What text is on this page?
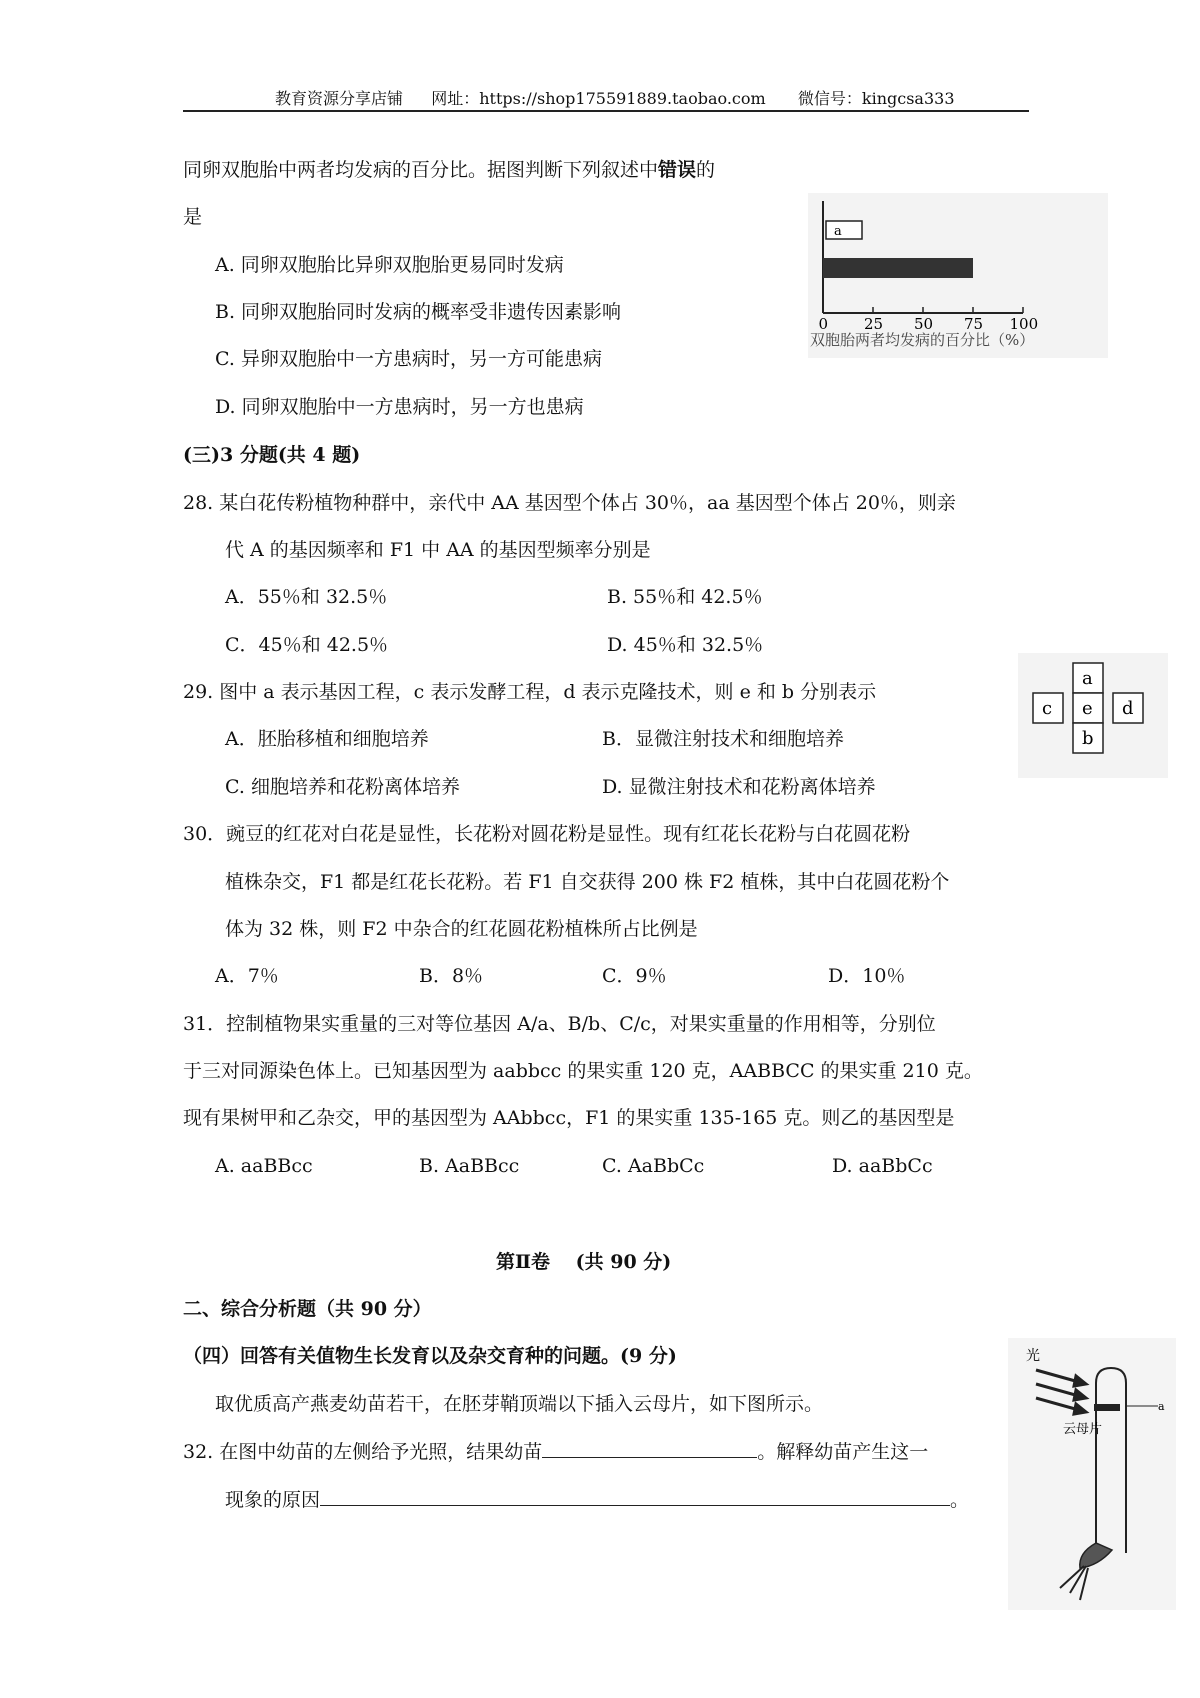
教育资源分享店铺 网址：https://shop175591889.taobao.com 微信号：kingcsa333
同卵双胞胎中两者均发病的百分比。据图判断下列叙述中错误的
是
A. 同卵双胞胎比异卵双胞胎更易同时发病
B. 同卵双胞胎同时发病的概率受非遗传因素影响
C. 异卵双胞胎中一方患病时，另一方可能患病
D. 同卵双胞胎中一方患病时，另一方也患病
a
0 25 50 75 100
双胞胎两者均发病的百分比（%）
(三)3 分题(共 4 题)
28. 某白花传粉植物种群中，亲代中 AA 基因型个体占 30％，aa 基因型个体占 20％，则亲
代 A 的基因频率和 F1 中 AA 的基因型频率分别是
A．55％和 32.5％	B. 55％和 42.5％
C．45％和 42.5％	D. 45％和 32.5％
29. 图中 a 表示基因工程，c 表示发酵工程，d 表示克隆技术，则 e 和 b 分别表示
A．胚胎移植和细胞培养	B．显微注射技术和细胞培养
C. 细胞培养和花粉离体培养	D. 显微注射技术和花粉离体培养
a
c e d
b
30．豌豆的红花对白花是显性，长花粉对圆花粉是显性。现有红花长花粉与白花圆花粉
植株杂交，F1 都是红花长花粉。若 F1 自交获得 200 株 F2 植株，其中白花圆花粉个
体为 32 株，则 F2 中杂合的红花圆花粉植株所占比例是
A．7％	B．8％	C．9％	D．10％
31．控制植物果实重量的三对等位基因 A/a、B/b、C/c，对果实重量的作用相等，分别位
于三对同源染色体上。已知基因型为 aabbcc 的果实重 120 克，AABBCC 的果实重 210 克。
现有果树甲和乙杂交，甲的基因型为 AAbbcc，F1 的果实重 135-165 克。则乙的基因型是
A. aaBBcc	B. AaBBcc	C. AaBbCc	D. aaBbCc
第Ⅱ卷　 (共 90 分)
二、综合分析题（共 90 分）
（四）回答有关值物生长发育以及杂交育种的问题。(9 分)
取优质高产燕麦幼苗若干，在胚芽鞘顶端以下插入云母片，如下图所示。
32. 在图中幼苗的左侧给予光照，结果幼苗	。解释幼苗产生这一
现象的原因	。
光
云母片
a
